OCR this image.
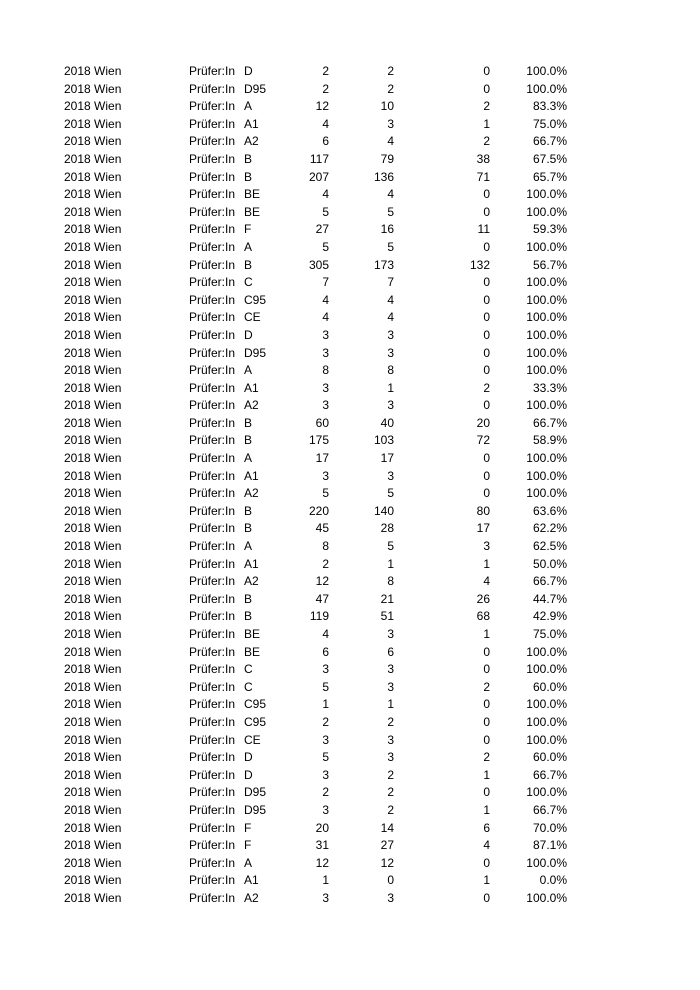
2018 Wien	Prüfer:In D	2	2	0	100.0%
2018 Wien	Prüfer:In D95	2	2	0	100.0%
2018 Wien	Prüfer:In A	12	10	2	83.3%
2018 Wien	Prüfer:In A1	4	3	1	75.0%
2018 Wien	Prüfer:In A2	6	4	2	66.7%
2018 Wien	Prüfer:In B	117	79	38	67.5%
2018 Wien	Prüfer:In B	207	136	71	65.7%
2018 Wien	Prüfer:In BE	4	4	0	100.0%
2018 Wien	Prüfer:In BE	5	5	0	100.0%
2018 Wien	Prüfer:In F	27	16	11	59.3%
2018 Wien	Prüfer:In A	5	5	0	100.0%
2018 Wien	Prüfer:In B	305	173	132	56.7%
2018 Wien	Prüfer:In C	7	7	0	100.0%
2018 Wien	Prüfer:In C95	4	4	0	100.0%
2018 Wien	Prüfer:In CE	4	4	0	100.0%
2018 Wien	Prüfer:In D	3	3	0	100.0%
2018 Wien	Prüfer:In D95	3	3	0	100.0%
2018 Wien	Prüfer:In A	8	8	0	100.0%
2018 Wien	Prüfer:In A1	3	1	2	33.3%
2018 Wien	Prüfer:In A2	3	3	0	100.0%
2018 Wien	Prüfer:In B	60	40	20	66.7%
2018 Wien	Prüfer:In B	175	103	72	58.9%
2018 Wien	Prüfer:In A	17	17	0	100.0%
2018 Wien	Prüfer:In A1	3	3	0	100.0%
2018 Wien	Prüfer:In A2	5	5	0	100.0%
2018 Wien	Prüfer:In B	220	140	80	63.6%
2018 Wien	Prüfer:In B	45	28	17	62.2%
2018 Wien	Prüfer:In A	8	5	3	62.5%
2018 Wien	Prüfer:In A1	2	1	1	50.0%
2018 Wien	Prüfer:In A2	12	8	4	66.7%
2018 Wien	Prüfer:In B	47	21	26	44.7%
2018 Wien	Prüfer:In B	119	51	68	42.9%
2018 Wien	Prüfer:In BE	4	3	1	75.0%
2018 Wien	Prüfer:In BE	6	6	0	100.0%
2018 Wien	Prüfer:In C	3	3	0	100.0%
2018 Wien	Prüfer:In C	5	3	2	60.0%
2018 Wien	Prüfer:In C95	1	1	0	100.0%
2018 Wien	Prüfer:In C95	2	2	0	100.0%
2018 Wien	Prüfer:In CE	3	3	0	100.0%
2018 Wien	Prüfer:In D	5	3	2	60.0%
2018 Wien	Prüfer:In D	3	2	1	66.7%
2018 Wien	Prüfer:In D95	2	2	0	100.0%
2018 Wien	Prüfer:In D95	3	2	1	66.7%
2018 Wien	Prüfer:In F	20	14	6	70.0%
2018 Wien	Prüfer:In F	31	27	4	87.1%
2018 Wien	Prüfer:In A	12	12	0	100.0%
2018 Wien	Prüfer:In A1	1	0	1	0.0%
2018 Wien	Prüfer:In A2	3	3	0	100.0%
